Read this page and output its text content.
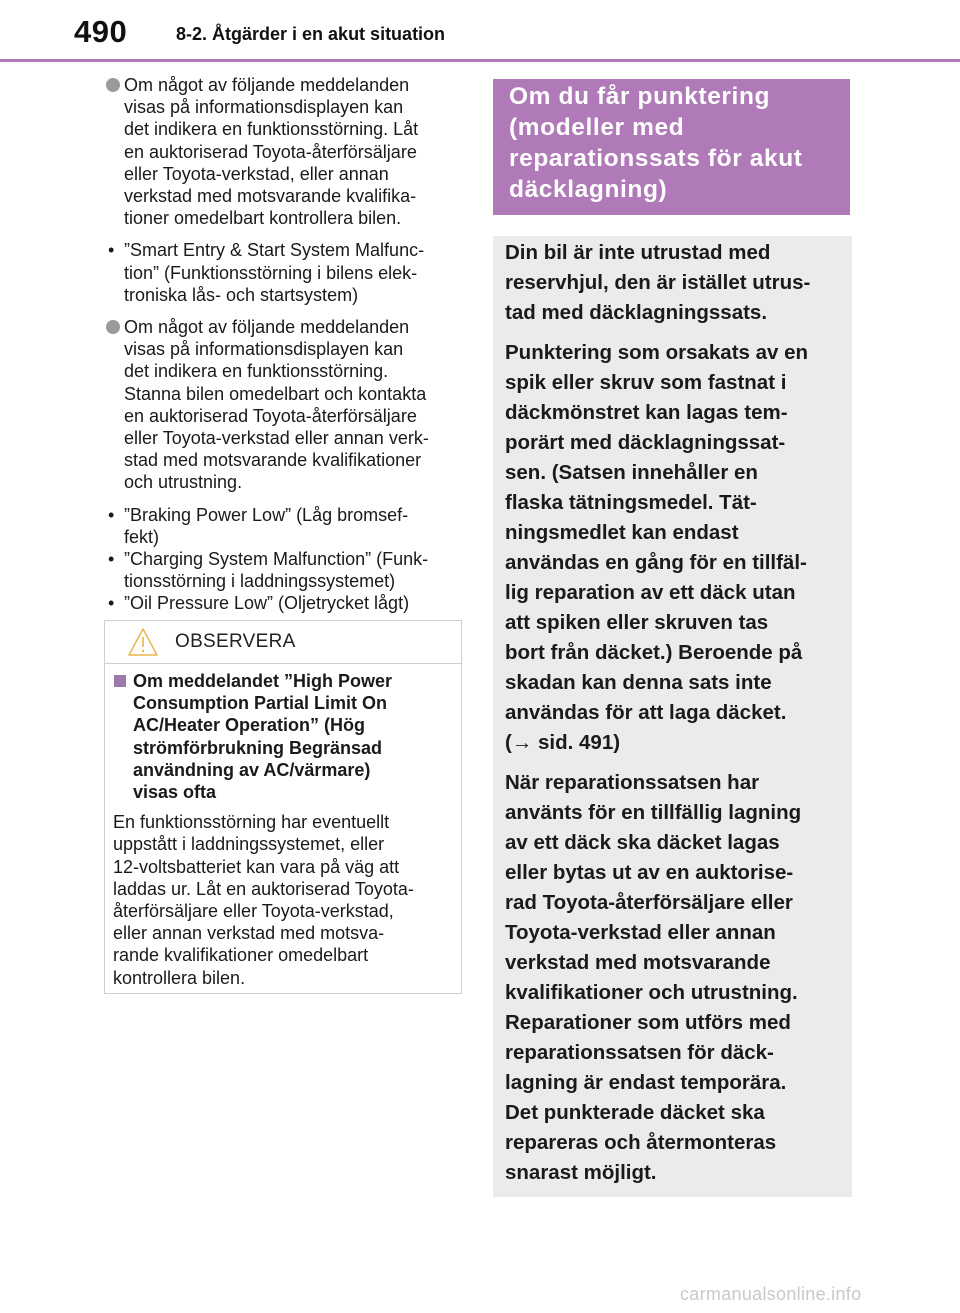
490	8-2. Åtgärder i en akut situation
Om något av följande meddelanden
visas på informationsdisplayen kan
det indikera en funktionsstörning. Låt
en auktoriserad Toyota-återförsäljare
eller Toyota-verkstad, eller annan
verkstad med motsvarande kvalifika-
tioner omedelbart kontrollera bilen.
• ”Smart Entry & Start System Malfunc-
tion” (Funktionsstörning i bilens elek-
troniska lås- och startsystem)
Om något av följande meddelanden
visas på informationsdisplayen kan
det indikera en funktionsstörning.
Stanna bilen omedelbart och kontakta
en auktoriserad Toyota-återförsäljare
eller Toyota-verkstad eller annan verk-
stad med motsvarande kvalifikationer
och utrustning.
• ”Braking Power Low” (Låg bromsef-
fekt)
• ”Charging System Malfunction” (Funk-
tionsstörning i laddningssystemet)
• ”Oil Pressure Low” (Oljetrycket lågt)
OBSERVERA
Om meddelandet ”High Power
Consumption Partial Limit On
AC/Heater Operation” (Hög
strömförbrukning Begränsad
användning av AC/värmare)
visas ofta
En funktionsstörning har eventuellt
uppstått i laddningssystemet, eller
12-voltsbatteriet kan vara på väg att
laddas ur. Låt en auktoriserad Toyota-
återförsäljare eller Toyota-verkstad,
eller annan verkstad med motsva-
rande kvalifikationer omedelbart
kontrollera bilen.
Om du får punktering
(modeller med
reparationssats för akut
däcklagning)
Din bil är inte utrustad med
reservhjul, den är istället utrus-
tad med däcklagningssats.
Punktering som orsakats av en
spik eller skruv som fastnat i
däckmönstret kan lagas tem-
porärt med däcklagningssat-
sen. (Satsen innehåller en
flaska tätningsmedel. Tät-
ningsmedlet kan endast
användas en gång för en tillfäl-
lig reparation av ett däck utan
att spiken eller skruven tas
bort från däcket.) Beroende på
skadan kan denna sats inte
användas för att laga däcket.
(→ sid. 491)
När reparationssatsen har
använts för en tillfällig lagning
av ett däck ska däcket lagas
eller bytas ut av en auktorise-
rad Toyota-återförsäljare eller
Toyota-verkstad eller annan
verkstad med motsvarande
kvalifikationer och utrustning.
Reparationer som utförs med
reparationssatsen för däck-
lagning är endast temporära.
Det punkterade däcket ska
repareras och återmonteras
snarast möjligt.
carmanualsonline.info
